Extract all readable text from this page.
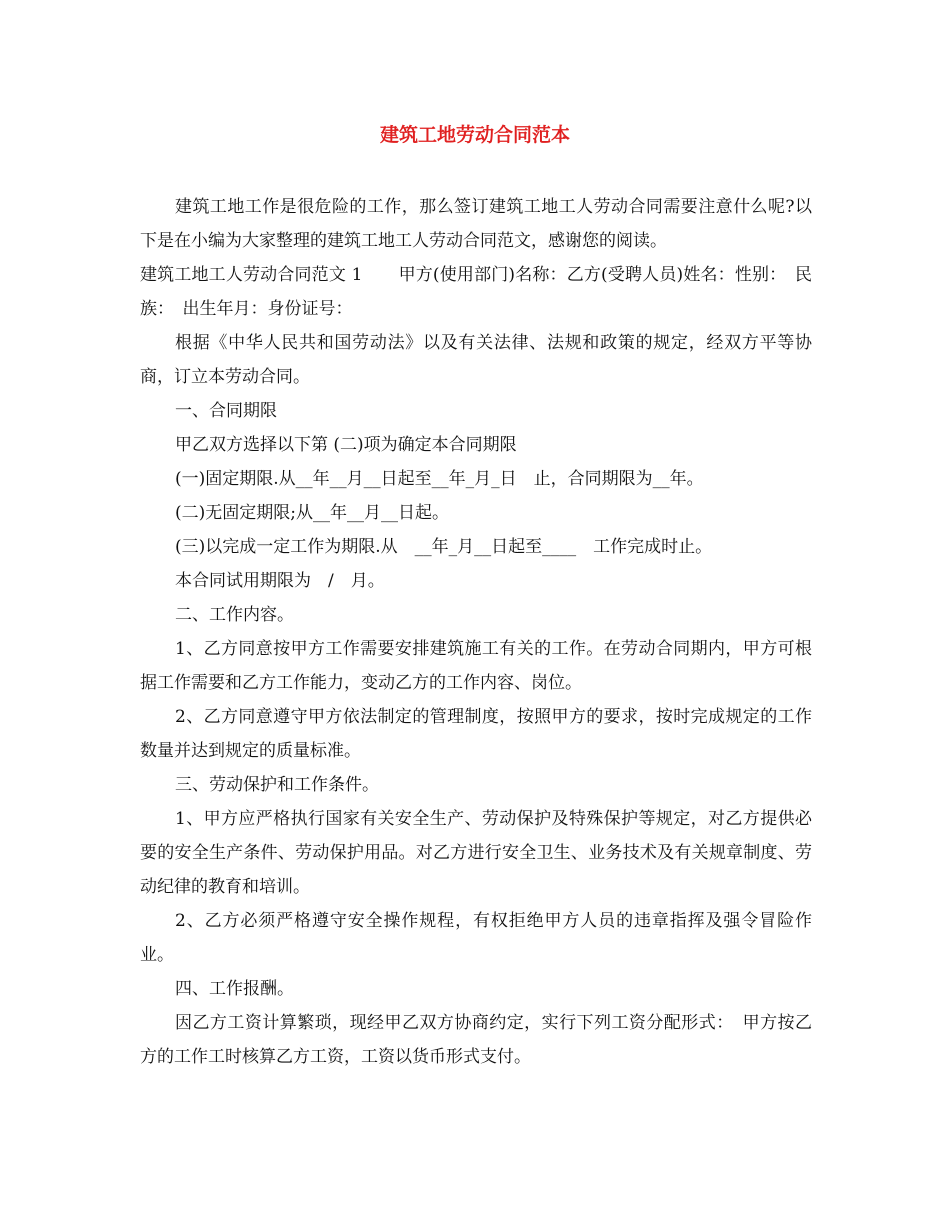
建筑工地劳动合同范本

建筑工地工作是很危险的工作，那么签订建筑工地工人劳动合同需要注意什么呢?以下是在小编为大家整理的建筑工地工人劳动合同范文，感谢您的阅读。

建筑工地工人劳动合同范文 1 甲方(使用部门)名称：乙方(受聘人员)姓名：性别：　民族：　出生年月：身份证号：

根据《中华人民共和国劳动法》以及有关法律、法规和政策的规定，经双方平等协商，订立本劳动合同。

一、合同期限

甲乙双方选择以下第 (二)项为确定本合同期限

(一)固定期限.从__年__月__日起至__年_月_日　止，合同期限为__年。

(二)无固定期限;从__年__月__日起。

(三)以完成一定工作为期限.从　__年_月__日起至____　工作完成时止。

本合同试用期限为　/　月。

二、工作内容。

1、乙方同意按甲方工作需要安排建筑施工有关的工作。在劳动合同期内，甲方可根据工作需要和乙方工作能力，变动乙方的工作内容、岗位。

2、乙方同意遵守甲方依法制定的管理制度，按照甲方的要求，按时完成规定的工作数量并达到规定的质量标准。

三、劳动保护和工作条件。

1、甲方应严格执行国家有关安全生产、劳动保护及特殊保护等规定，对乙方提供必要的安全生产条件、劳动保护用品。对乙方进行安全卫生、业务技术及有关规章制度、劳动纪律的教育和培训。

2、乙方必须严格遵守安全操作规程，有权拒绝甲方人员的违章指挥及强令冒险作业。

四、工作报酬。

因乙方工资计算繁琐，现经甲乙双方协商约定，实行下列工资分配形式：　甲方按乙方的工作工时核算乙方工资，工资以货币形式支付。
